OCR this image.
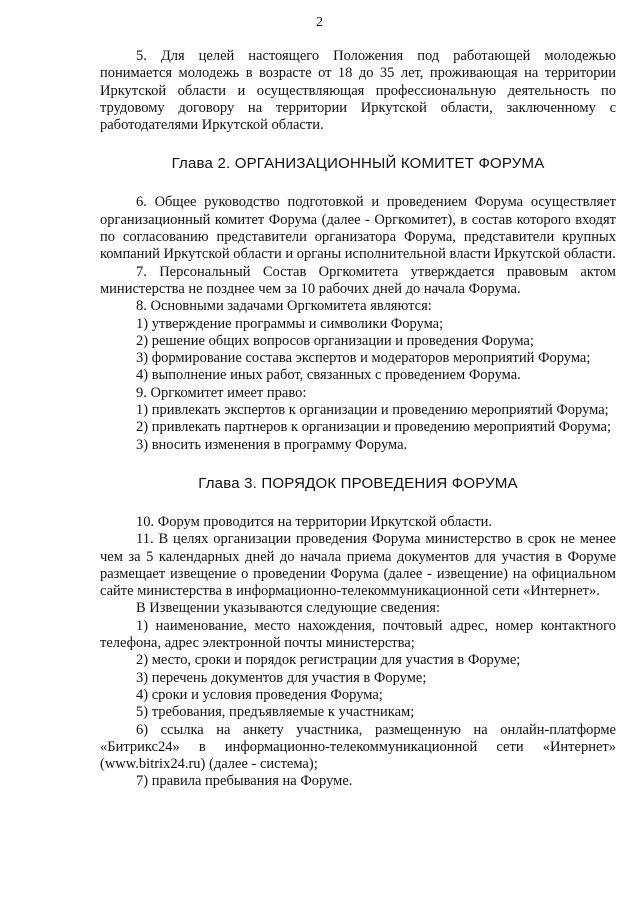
2

5. Для целей настоящего Положения под работающей молодежью понимается молодежь в возрасте от 18 до 35 лет, проживающая на территории Иркутской области и осуществляющая профессиональную деятельность по трудовому договору на территории Иркутской области, заключенному с работодателями Иркутской области.

Глава 2. ОРГАНИЗАЦИОННЫЙ КОМИТЕТ ФОРУМА

6. Общее руководство подготовкой и проведением Форума осуществляет организационный комитет Форума (далее - Оргкомитет), в состав которого входят по согласованию представители организатора Форума, представители крупных компаний Иркутской области и органы исполнительной власти Иркутской области.

7. Персональный Состав Оргкомитета утверждается правовым актом министерства не позднее чем за 10 рабочих дней до начала Форума.

8. Основными задачами Оргкомитета являются:

1) утверждение программы и символики Форума;

2) решение общих вопросов организации и проведения Форума;

3) формирование состава экспертов и модераторов мероприятий Форума;

4) выполнение иных работ, связанных с проведением Форума.

9. Оргкомитет имеет право:

1) привлекать экспертов к организации и проведению мероприятий Форума;

2) привлекать партнеров к организации и проведению мероприятий Форума;

3) вносить изменения в программу Форума.

Глава 3. ПОРЯДОК ПРОВЕДЕНИЯ ФОРУМА

10. Форум проводится на территории Иркутской области.

11. В целях организации проведения Форума министерство в срок не менее чем за 5 календарных дней до начала приема документов для участия в Форуме размещает извещение о проведении Форума (далее - извещение) на официальном сайте министерства в информационно-телекоммуникационной сети «Интернет».

В Извещении указываются следующие сведения:

1) наименование, место нахождения, почтовый адрес, номер контактного телефона, адрес электронной почты министерства;

2) место, сроки и порядок регистрации для участия в Форуме;

3) перечень документов для участия в Форуме;

4) сроки и условия проведения Форума;

5) требования, предъявляемые к участникам;

6) ссылка на анкету участника, размещенную на онлайн-платформе «Битрикс24» в информационно-телекоммуникационной сети «Интернет» (www.bitrix24.ru) (далее - система);

7) правила пребывания на Форуме.
